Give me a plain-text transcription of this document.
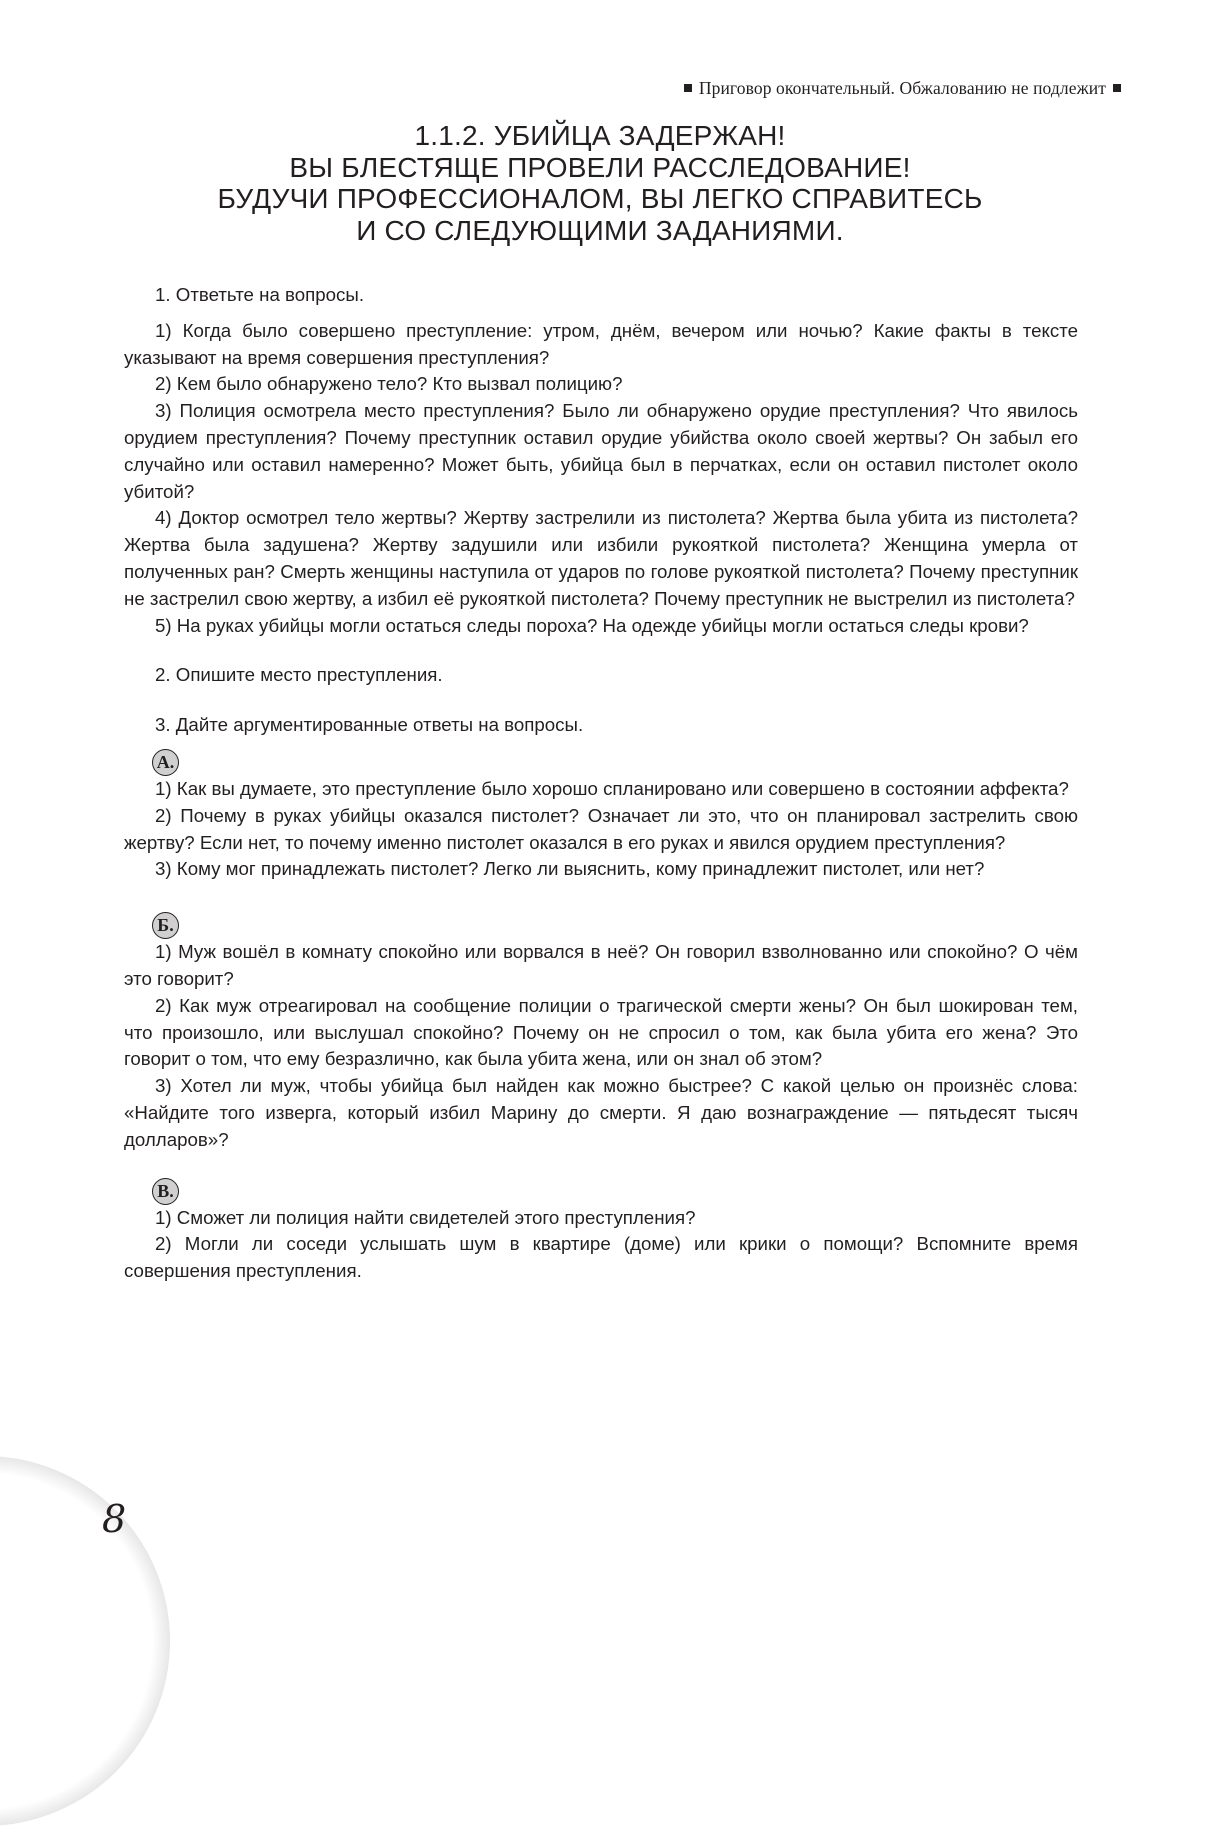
Приговор окончательный. Обжалованию не подлежит
1.1.2. УБИЙЦА ЗАДЕРЖАН!
ВЫ БЛЕСТЯЩЕ ПРОВЕЛИ РАССЛЕДОВАНИЕ!
БУДУЧИ ПРОФЕССИОНАЛОМ, ВЫ ЛЕГКО СПРАВИТЕСЬ
И СО СЛЕДУЮЩИМИ ЗАДАНИЯМИ.

1. Ответьте на вопросы.

1) Когда было совершено преступление: утром, днём, вечером или ночью? Какие факты в тексте указывают на время совершения преступления?

2) Кем было обнаружено тело? Кто вызвал полицию?

3) Полиция осмотрела место преступления? Было ли обнаружено орудие преступления? Что явилось орудием преступления? Почему преступник оставил орудие убийства около своей жертвы? Он забыл его случайно или оставил намеренно? Может быть, убийца был в перчатках, если он оставил пистолет около убитой?

4) Доктор осмотрел тело жертвы? Жертву застрелили из пистолета? Жертва была убита из пистолета? Жертва была задушена? Жертву задушили или избили рукояткой пистолета? Женщина умерла от полученных ран? Смерть женщины наступила от ударов по голове рукояткой пистолета? Почему преступник не застрелил свою жертву, а избил её рукояткой пистолета? Почему преступник не выстрелил из пистолета?

5) На руках убийцы могли остаться следы пороха? На одежде убийцы могли остаться следы крови?

2. Опишите место преступления.

3. Дайте аргументированные ответы на вопросы.

А.

1) Как вы думаете, это преступление было хорошо спланировано или совершено в состоянии аффекта?

2) Почему в руках убийцы оказался пистолет? Означает ли это, что он планировал застрелить свою жертву? Если нет, то почему именно пистолет оказался в его руках и явился орудием преступления?

3) Кому мог принадлежать пистолет? Легко ли выяснить, кому принадлежит пистолет, или нет?

Б.

1) Муж вошёл в комнату спокойно или ворвался в неё? Он говорил взволнованно или спокойно? О чём это говорит?

2) Как муж отреагировал на сообщение полиции о трагической смерти жены? Он был шокирован тем, что произошло, или выслушал спокойно? Почему он не спросил о том, как была убита его жена? Это говорит о том, что ему безразлично, как была убита жена, или он знал об этом?

3) Хотел ли муж, чтобы убийца был найден как можно быстрее? С какой целью он произнёс слова: «Найдите того изверга, который избил Марину до смерти. Я даю вознаграждение — пятьдесят тысяч долларов»?

В.

1) Сможет ли полиция найти свидетелей этого преступления?

2) Могли ли соседи услышать шум в квартире (доме) или крики о помощи? Вспомните время совершения преступления.

8
